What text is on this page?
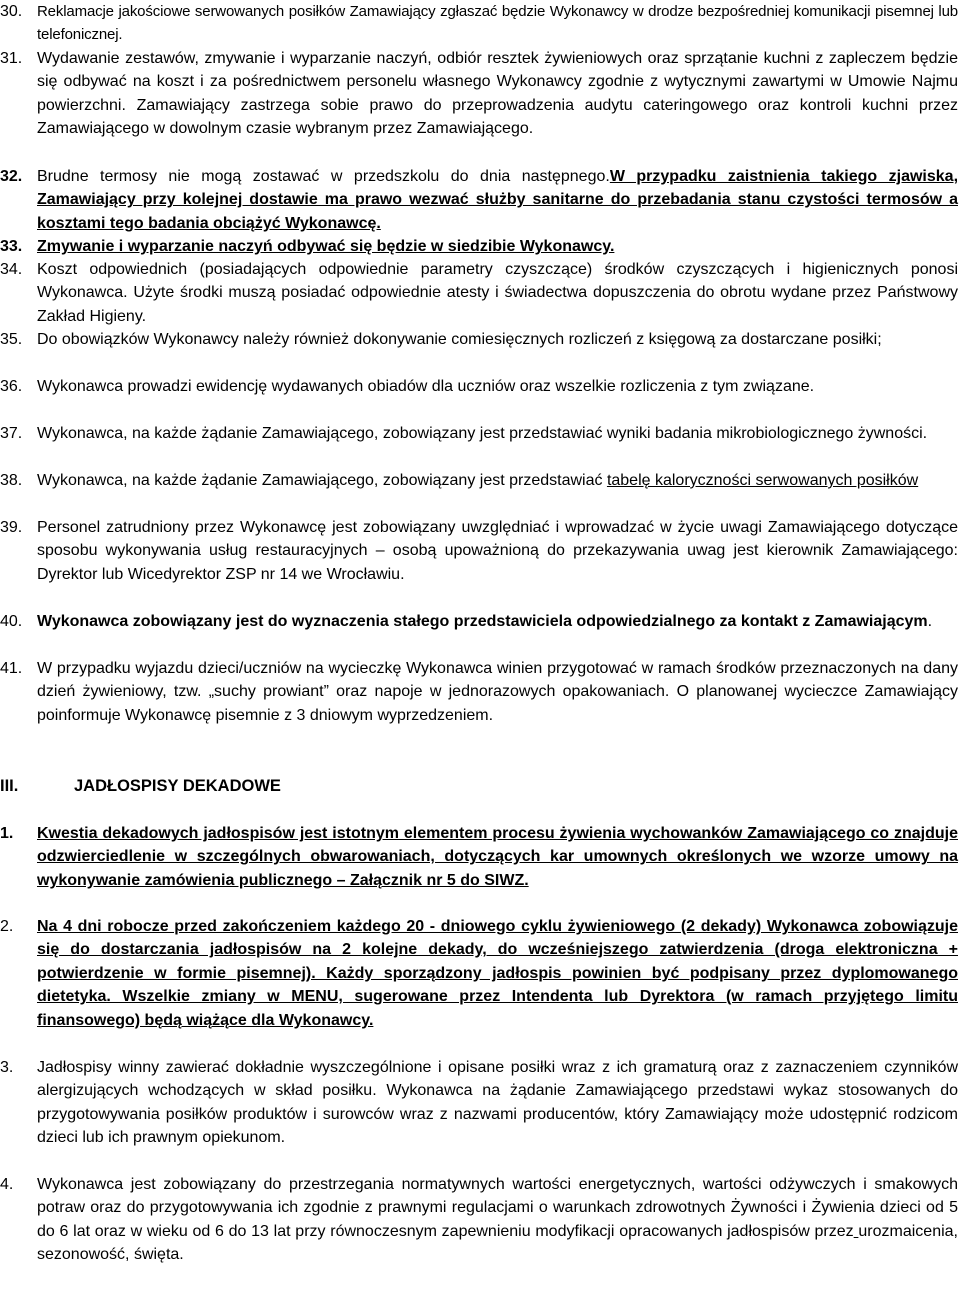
30. Reklamacje jakościowe serwowanych posiłków Zamawiający zgłaszać będzie Wykonawcy w drodze bezpośredniej komunikacji pisemnej lub telefonicznej.
31. Wydawanie zestawów, zmywanie i wyparzanie naczyń, odbiór resztek żywieniowych oraz sprzątanie kuchni z zapleczem będzie się odbywać na koszt i za pośrednictwem personelu własnego Wykonawcy zgodnie z wytycznymi zawartymi w Umowie Najmu powierzchni. Zamawiający zastrzega sobie prawo do przeprowadzenia audytu cateringowego oraz kontroli kuchni przez Zamawiającego w dowolnym czasie wybranym przez Zamawiającego.
32. Brudne termosy nie mogą zostawać w przedszkolu do dnia następnego.W przypadku zaistnienia takiego zjawiska, Zamawiający przy kolejnej dostawie ma prawo wezwać służby sanitarne do przebadania stanu czystości termosów a kosztami tego badania obciążyć Wykonawcę.
33. Zmywanie i wyparzanie naczyń odbywać się będzie w siedzibie Wykonawcy.
34. Koszt odpowiednich (posiadających odpowiednie parametry czyszczące) środków czyszczących i higienicznych ponosi Wykonawca. Użyte środki muszą posiadać odpowiednie atesty i świadectwa dopuszczenia do obrotu wydane przez Państwowy Zakład Higieny.
35. Do obowiązków Wykonawcy należy również dokonywanie comiesięcznych rozliczeń z księgową za dostarczane posiłki;
36. Wykonawca prowadzi ewidencję wydawanych obiadów dla uczniów oraz wszelkie rozliczenia z tym związane.
37. Wykonawca, na każde żądanie Zamawiającego, zobowiązany jest przedstawiać wyniki badania mikrobiologicznego żywności.
38. Wykonawca, na każde żądanie Zamawiającego, zobowiązany jest przedstawiać tabelę kaloryczności serwowanych posiłków
39. Personel zatrudniony przez Wykonawcę jest zobowiązany uwzględniać i wprowadzać w życie uwagi Zamawiającego dotyczące sposobu wykonywania usług restauracyjnych – osobą upoważnioną do przekazywania uwag jest kierownik Zamawiającego: Dyrektor lub Wicedyrektor ZSP nr 14 we Wrocławiu.
40. Wykonawca zobowiązany jest do wyznaczenia stałego przedstawiciela odpowiedzialnego za kontakt z Zamawiającym.
41. W przypadku wyjazdu dzieci/uczniów na wycieczkę Wykonawca winien przygotować w ramach środków przeznaczonych na dany dzień żywieniowy, tzw. „suchy prowiant” oraz napoje w jednorazowych opakowaniach. O planowanej wycieczce Zamawiający poinformuje Wykonawcę pisemnie z 3 dniowym wyprzedzeniem.
III.	JADŁOSPISY DEKADOWE
1. Kwestia dekadowych jadłospisów jest istotnym elementem procesu żywienia wychowanków Zamawiającego co znajduje odzwierciedlenie w szczególnych obwarowaniach, dotyczących kar umownych określonych we wzorze umowy na wykonywanie zamówienia publicznego – Załącznik nr 5 do SIWZ.
2. Na 4 dni robocze przed zakończeniem każdego 20 - dniowego cyklu żywieniowego (2 dekady) Wykonawca zobowiązuje się do dostarczania jadłospisów na 2 kolejne dekady, do wcześniejszego zatwierdzenia (droga elektroniczna + potwierdzenie w formie pisemnej). Każdy sporządzony jadłospis powinien być podpisany przez dyplomowanego dietetyka. Wszelkie zmiany w MENU, sugerowane przez Intendenta lub Dyrektora (w ramach przyjętego limitu finansowego) będą wiążące dla Wykonawcy.
3. Jadłospisy winny zawierać dokładnie wyszczególnione i opisane posiłki wraz z ich gramaturą oraz z zaznaczeniem czynników alergizujących wchodzących w skład posiłku. Wykonawca na żądanie Zamawiającego przedstawi wykaz stosowanych do przygotowywania posiłków produktów i surowców wraz z nazwami producentów, który Zamawiający może udostępnić rodzicom dzieci lub ich prawnym opiekunom.
4. Wykonawca jest zobowiązany do przestrzegania normatywnych wartości energetycznych, wartości odżywczych i smakowych potraw oraz do przygotowywania ich zgodnie z prawnymi regulacjami o warunkach zdrowotnych Żywności i Żywienia dzieci od 5 do 6 lat oraz w wieku od 6 do 13 lat przy równoczesnym zapewnieniu modyfikacji opracowanych jadłospisów przez urozmaicenia, sezonowość, święta.
